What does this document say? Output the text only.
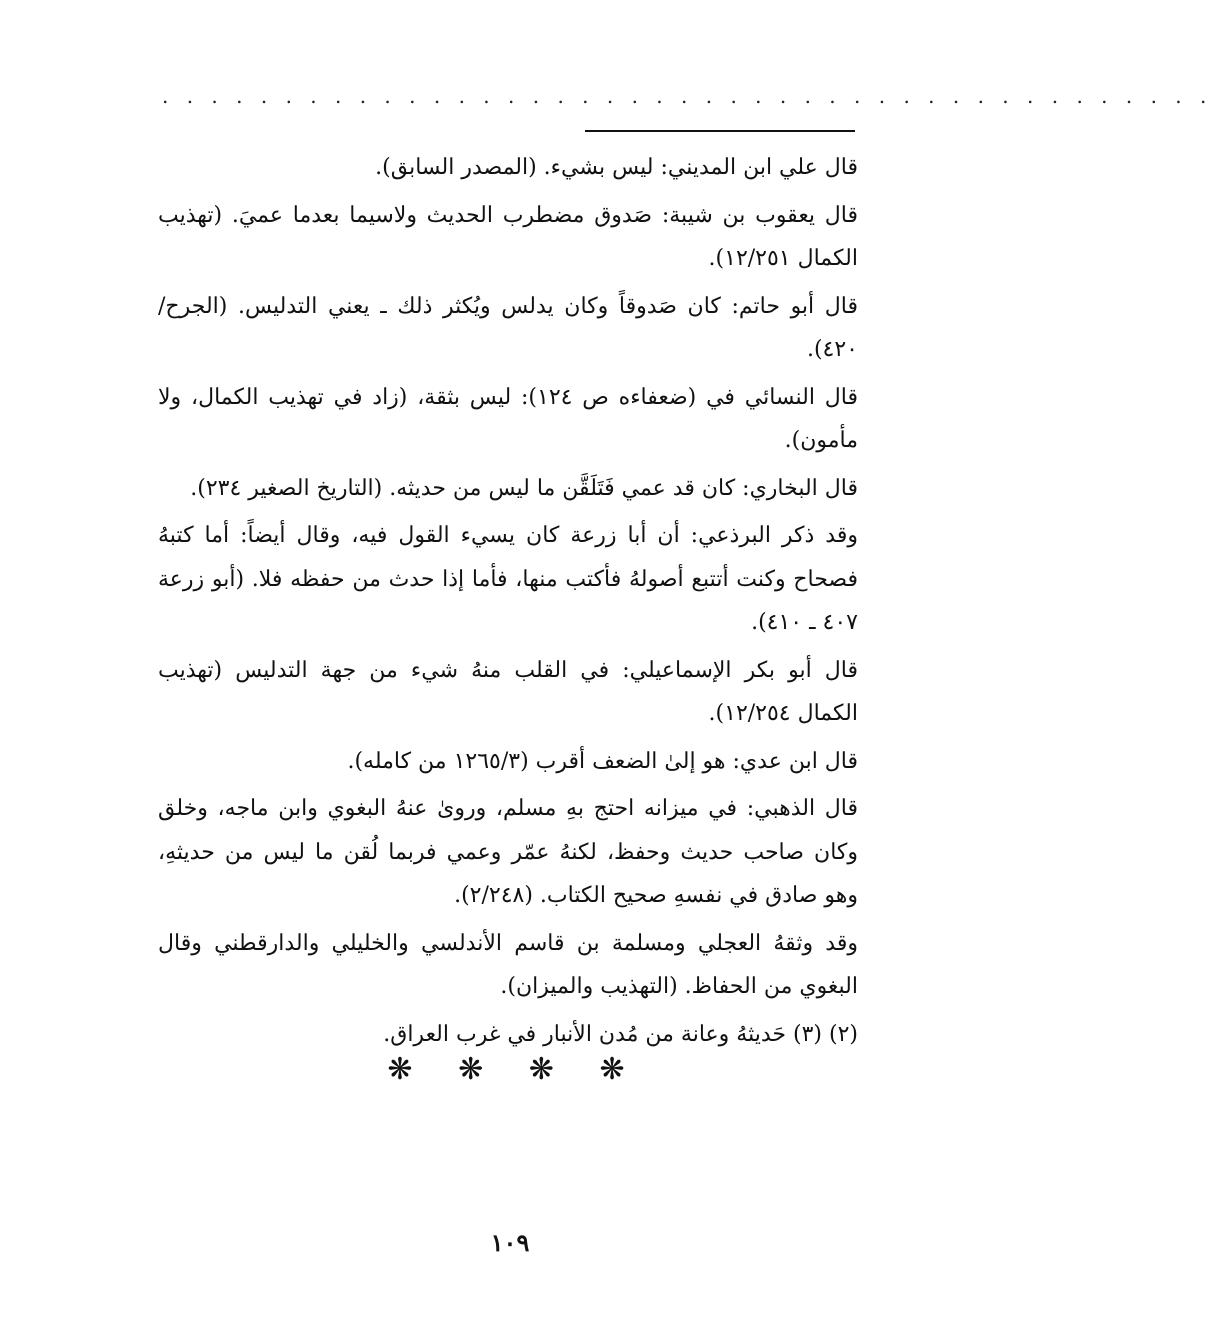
. . . . . . . . . . . . . . . . . . . . . . . . . . . . . . . . . . . . . . . . . . .

قال علي ابن المديني: ليس بشيء. (المصدر السابق).

قال يعقوب بن شيبة: صَدوق مضطرب الحديث ولاسيما بعدما عميَ. (تهذيب الكمال ١٢/٢٥١).

قال أبو حاتم: كان صَدوقاً وكان يدلس ويُكثر ذلك ـ يعني التدليس. (الجرح/ ٤٢٠).

قال النسائي في (ضعفاءه ص ١٢٤): ليس بثقة، (زاد في تهذيب الكمال، ولا مأمون).

قال البخاري: كان قد عمي فَتَلَقَّن ما ليس من حديثه. (التاريخ الصغير ٢٣٤).

وقد ذكر البرذعي: أن أبا زرعة كان يسيء القول فيه، وقال أيضاً: أما كتبهُ فصحاح وكنت أتتبع أصولهُ فأكتب منها، فأما إذا حدث من حفظه فلا. (أبو زرعة ٤٠٧ ـ ٤١٠).

قال أبو بكر الإسماعيلي: في القلب منهُ شيء من جهة التدليس (تهذيب الكمال ١٢/٢٥٤).

قال ابن عدي: هو إلىٰ الضعف أقرب (١٢٦٥/٣ من كامله).

قال الذهبي: في ميزانه احتج بهِ مسلم، وروىٰ عنهُ البغوي وابن ماجه، وخلق وكان صاحب حديث وحفظ، لكنهُ عمّر وعمي فربما لُقن ما ليس من حديثهِ، وهو صادق في نفسهِ صحيح الكتاب. (٢/٢٤٨).

وقد وثقهُ العجلي ومسلمة بن قاسم الأندلسي والخليلي والدارقطني وقال البغوي من الحفاظ. (التهذيب والميزان).

(٢) (٣) حَديثهُ وعانة من مُدن الأنبار في غرب العراق.

❋ ❋ ❋ ❋
١٠٩
